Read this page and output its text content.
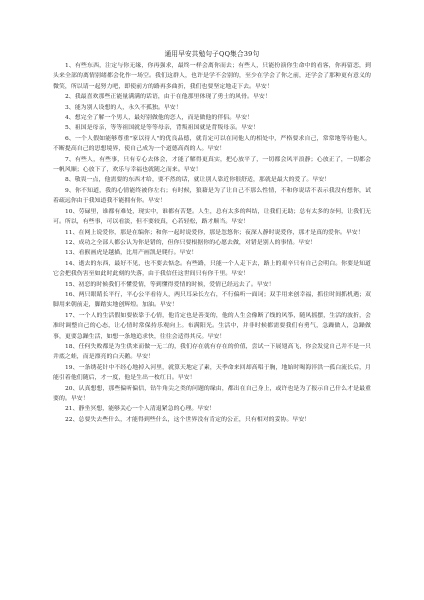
通用早安共勉句子QQ集合39句

1、有些东西，注定与你无缘，你再强求，最终一样会离你而去；有些人，只能扮演你生命中的看客，你再留恋，到头来全部的离情别绪都会化作一场空。我们这群人，也许是学不会别的，至少在学会了你之前，还学会了那种更有意义的微笑，所以请一起努力吧，即使前方的路再多曲折，我们也要坚定地走下去。早安！

2、我最喜欢那些正能量满满的话语，由于在他那里体现了勇士的风骨。早安！

3、能为别人设想的人，永久不孤独。早安！

4、想完全了解一个男人，最好别做他的恋人，而是做他的伴侣。早安！

5、祖国是母亲，等等祖国就是等等母亲，背叛祖国就是背叛母亲。早安！

6、一个人假如能够尊重"家以待人"的优良品德，就肯定可以在同他人的相处中，严格要求自己，常常地等待他人，不断提高自己的思想境界，使自己成为一个道德高尚的人。早安！

7、有些人，有些事，只有专心去体会，才能了解得更真实，把心放平了，一切都会风平浪静；心放正了，一切都会一帆风顺；心放下了，欢乐与幸福也就随之而来。早安！

8、敬畏一点，他需要的东西才给，要不然的话，就让别人靠近你很舒适，那就是最大的爱了。早安！

9、你不知道，我的心情能终被你左右；有时候，狼藉是为了让自己不那么性情，不和你说话不表示我没有想你，试着疏远你由于我知道我不能拥有你。早安！

10、劳碌里，谁都有难处，现实中，谁都有苦楚。人生，总有太多的纠结，让我们无助；总有太多的奈何，让我们无可。所以，有些事，可以看淡，但不要较真，心若轻松，路才顺当。早安！

11、在网上说爱你，那是在编你；和你一起时说爱你，那是忽悠你；夜深人静时说爱你，那才是真的爱你。早安！

12、成功之全部人都公认为你是错的，但你只要根据你的心愿去做，对错是别人的事情。早安！

13、看猴画虎是越描，比用产画凯是爬行。早安！

14、逝去的东西，最好不见，也不要去惦念。有些路，只能一个人走下去，路上的艰辛只有自己会明白。你要是知道它会把我伤害至如此时此刻的失落，由于我信任这世间只有你千里。早安！

15、初恋的时候我们不懂爱情，等到懂得爱情的时候，爱情已经远去了。早安！

16、两只眼睛长平行，平心公平看待人，两只耳朵长左右，不行偏听一面词；双手用来创幸福，抓住时间抓机遇；双脚用来朝前走，脚踏实地创辉煌。加油。早安！

17、一个人的生活假如要依靠于心情，他肯定也是善变的，他的人生会像断了线的风筝，随风摇摆，生活的波折，会准时调整自己的心态，让心情时常保持乐观向上。布满阳光。生活中，并非时候都需要我们有勇气，急躁做人，急躁做事，更要急躁生活，如想一条地追求快，往往会适得其反。早安！

18、任何失败都是为生供来而做一无二的，我们存在就有存在的价值，尝试一下展翅高飞，你会发觉自己并不是一只井底之蛙，而是漂亮的白天鹅。早安！

19、一条绣花针中不经心地掉入河里，就算天地定了素，天季命来回却高唱于胸，地始时喝海淬洪一孤白流长后，月能引着他们随后，才一度，他是生出一枚红日。早安！

20、认真想想，那些偏听偏信，钻牛角尖之类的问题的缘由，都出在自己身上，或许也是为了报示自己什么才是最重要的。早安！

21、静坐冥想，能够关心一个人清退紧急的心理。早安！

22、总要失去些什么，才能得到些什么，这个世界没有肯定的公正，只有相对的妥协。早安！
